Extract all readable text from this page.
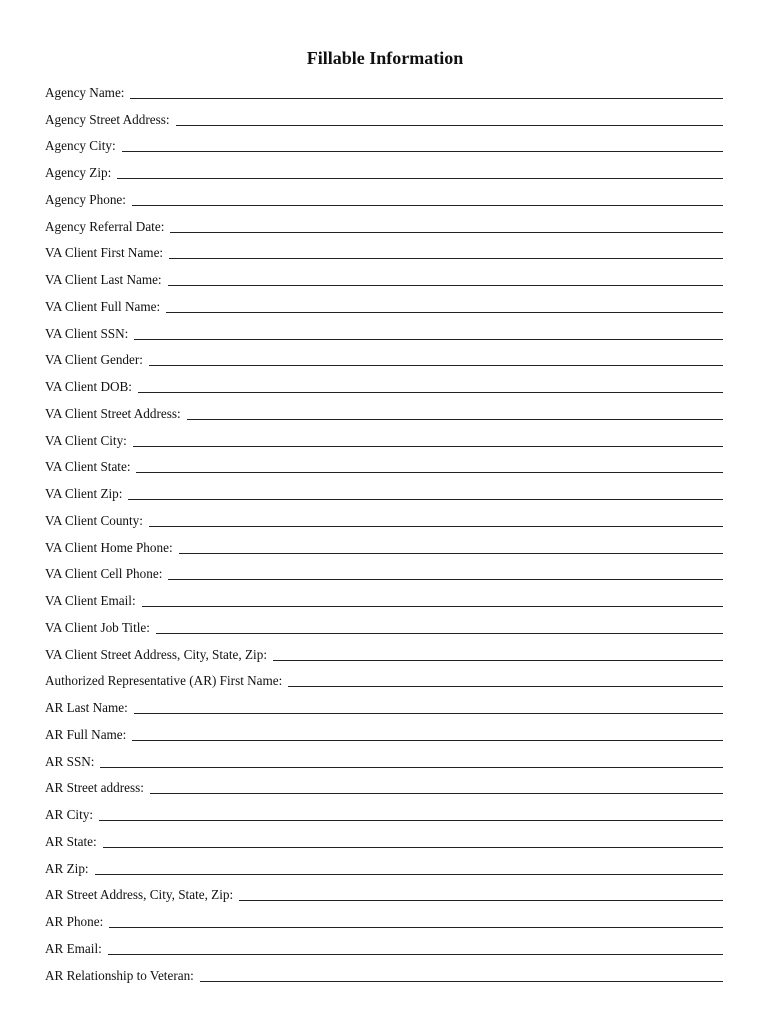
Fillable Information
Agency Name:
Agency Street Address:
Agency City:
Agency Zip:
Agency Phone:
Agency Referral Date:
VA Client First Name:
VA Client Last Name:
VA Client Full Name:
VA Client SSN:
VA Client Gender:
VA Client DOB:
VA Client Street Address:
VA Client City:
VA Client State:
VA Client Zip:
VA Client County:
VA Client Home Phone:
VA Client Cell Phone:
VA Client Email:
VA Client Job Title:
VA Client Street Address, City, State, Zip:
Authorized Representative (AR) First Name:
AR Last Name:
AR Full Name:
AR SSN:
AR Street address:
AR City:
AR State:
AR Zip:
AR Street Address, City, State, Zip:
AR Phone:
AR Email:
AR Relationship to Veteran:
